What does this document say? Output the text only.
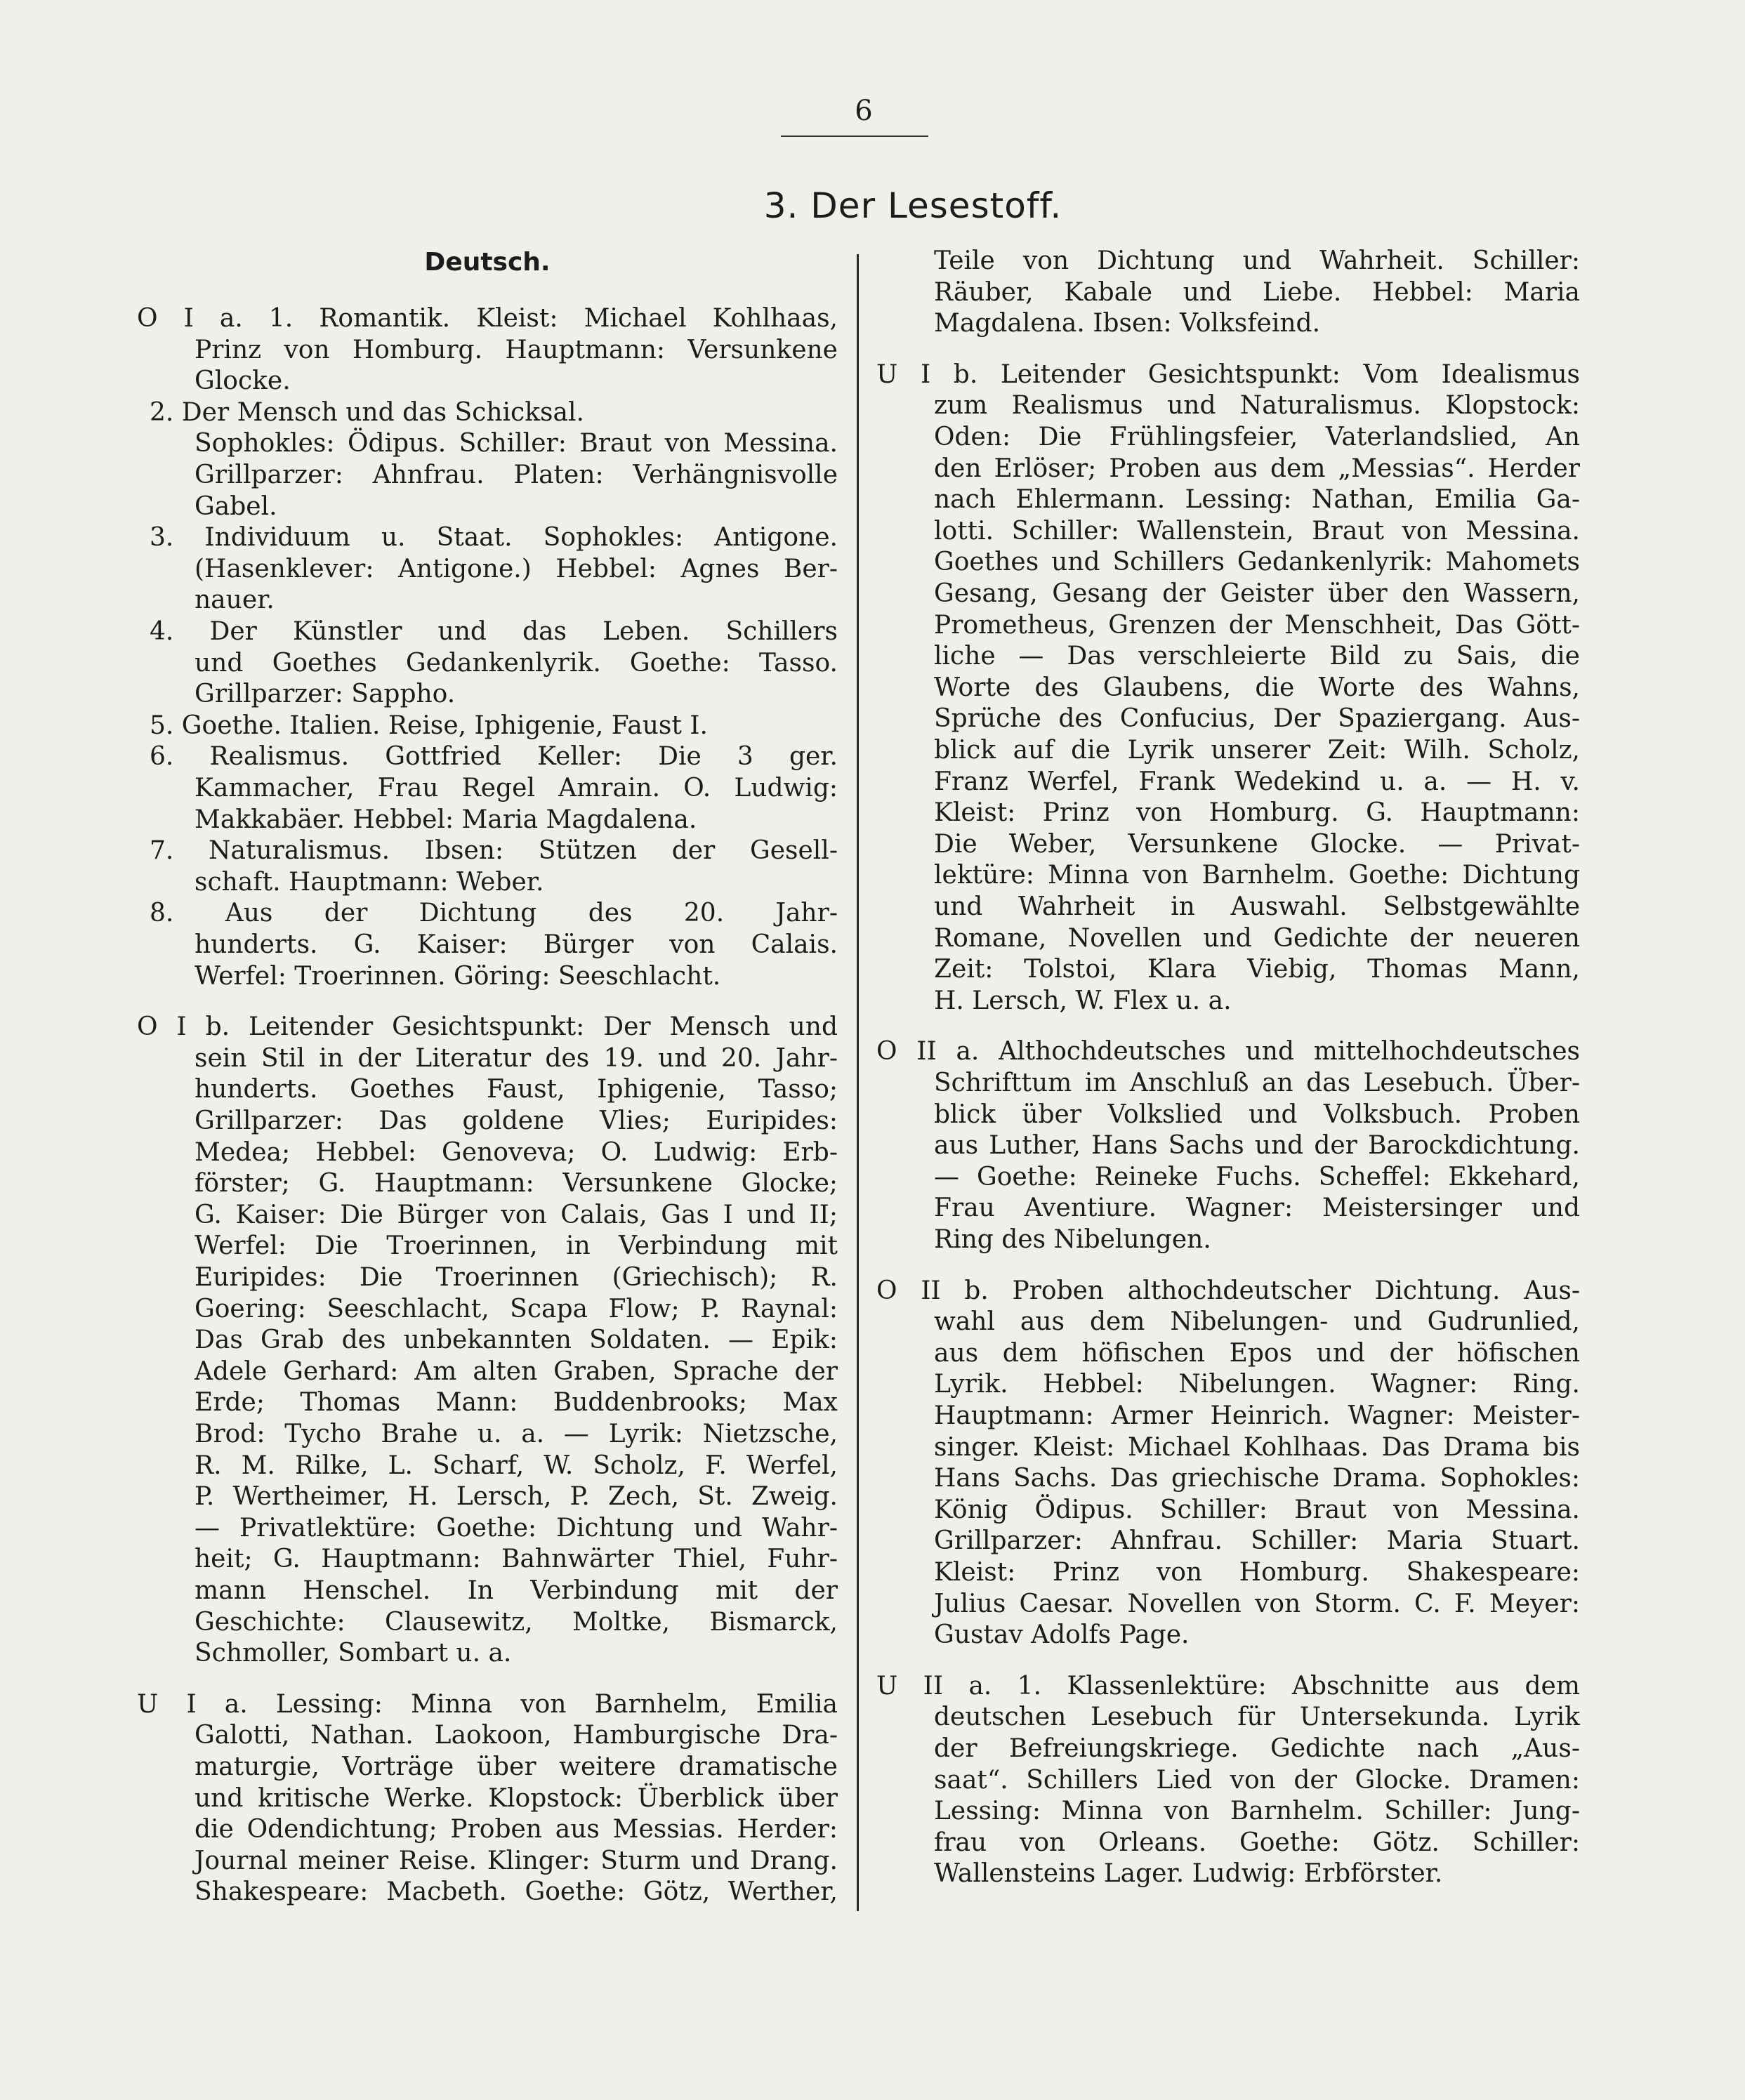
6
3. Der Lesestoff.
Deutsch.
O I a. 1. Romantik. Kleist: Michael Kohlhaas,
Prinz von Homburg. Hauptmann: Versunkene
Glocke.
2. Der Mensch und das Schicksal.
Sophokles: Ödipus. Schiller: Braut von Messina.
Grillparzer: Ahnfrau. Platen: Verhängnisvolle
Gabel.
3. Individuum u. Staat. Sophokles: Antigone.
(Hasenklever: Antigone.) Hebbel: Agnes Ber-
nauer.
4. Der Künstler und das Leben. Schillers
und Goethes Gedankenlyrik. Goethe: Tasso.
Grillparzer: Sappho.
5. Goethe. Italien. Reise, Iphigenie, Faust I.
6. Realismus. Gottfried Keller: Die 3 ger.
Kammacher, Frau Regel Amrain. O. Ludwig:
Makkabäer. Hebbel: Maria Magdalena.
7. Naturalismus. Ibsen: Stützen der Gesell-
schaft. Hauptmann: Weber.
8. Aus der Dichtung des 20. Jahr-
hunderts. G. Kaiser: Bürger von Calais.
Werfel: Troerinnen. Göring: Seeschlacht.
O I b. Leitender Gesichtspunkt: Der Mensch und
sein Stil in der Literatur des 19. und 20. Jahr-
hunderts. Goethes Faust, Iphigenie, Tasso;
Grillparzer: Das goldene Vlies; Euripides:
Medea; Hebbel: Genoveva; O. Ludwig: Erb-
förster; G. Hauptmann: Versunkene Glocke;
G. Kaiser: Die Bürger von Calais, Gas I und II;
Werfel: Die Troerinnen, in Verbindung mit
Euripides: Die Troerinnen (Griechisch); R.
Goering: Seeschlacht, Scapa Flow; P. Raynal:
Das Grab des unbekannten Soldaten. — Epik:
Adele Gerhard: Am alten Graben, Sprache der
Erde; Thomas Mann: Buddenbrooks; Max
Brod: Tycho Brahe u. a. — Lyrik: Nietzsche,
R. M. Rilke, L. Scharf, W. Scholz, F. Werfel,
P. Wertheimer, H. Lersch, P. Zech, St. Zweig.
— Privatlektüre: Goethe: Dichtung und Wahr-
heit; G. Hauptmann: Bahnwärter Thiel, Fuhr-
mann Henschel. In Verbindung mit der
Geschichte: Clausewitz, Moltke, Bismarck,
Schmoller, Sombart u. a.
U I a. Lessing: Minna von Barnhelm, Emilia
Galotti, Nathan. Laokoon, Hamburgische Dra-
maturgie, Vorträge über weitere dramatische
und kritische Werke. Klopstock: Überblick über
die Odendichtung; Proben aus Messias. Herder:
Journal meiner Reise. Klinger: Sturm und Drang.
Shakespeare: Macbeth. Goethe: Götz, Werther,
Teile von Dichtung und Wahrheit. Schiller:
Räuber, Kabale und Liebe. Hebbel: Maria
Magdalena. Ibsen: Volksfeind.
U I b. Leitender Gesichtspunkt: Vom Idealismus
zum Realismus und Naturalismus. Klopstock:
Oden: Die Frühlingsfeier, Vaterlandslied, An
den Erlöser; Proben aus dem „Messias“. Herder
nach Ehlermann. Lessing: Nathan, Emilia Ga-
lotti. Schiller: Wallenstein, Braut von Messina.
Goethes und Schillers Gedankenlyrik: Mahomets
Gesang, Gesang der Geister über den Wassern,
Prometheus, Grenzen der Menschheit, Das Gött-
liche — Das verschleierte Bild zu Sais, die
Worte des Glaubens, die Worte des Wahns,
Sprüche des Confucius, Der Spaziergang. Aus-
blick auf die Lyrik unserer Zeit: Wilh. Scholz,
Franz Werfel, Frank Wedekind u. a. — H. v.
Kleist: Prinz von Homburg. G. Hauptmann:
Die Weber, Versunkene Glocke. — Privat-
lektüre: Minna von Barnhelm. Goethe: Dichtung
und Wahrheit in Auswahl. Selbstgewählte
Romane, Novellen und Gedichte der neueren
Zeit: Tolstoi, Klara Viebig, Thomas Mann,
H. Lersch, W. Flex u. a.
O II a. Althochdeutsches und mittelhochdeutsches
Schrifttum im Anschluß an das Lesebuch. Über-
blick über Volkslied und Volksbuch. Proben
aus Luther, Hans Sachs und der Barockdichtung.
— Goethe: Reineke Fuchs. Scheffel: Ekkehard,
Frau Aventiure. Wagner: Meistersinger und
Ring des Nibelungen.
O II b. Proben althochdeutscher Dichtung. Aus-
wahl aus dem Nibelungen- und Gudrunlied,
aus dem höfischen Epos und der höfischen
Lyrik. Hebbel: Nibelungen. Wagner: Ring.
Hauptmann: Armer Heinrich. Wagner: Meister-
singer. Kleist: Michael Kohlhaas. Das Drama bis
Hans Sachs. Das griechische Drama. Sophokles:
König Ödipus. Schiller: Braut von Messina.
Grillparzer: Ahnfrau. Schiller: Maria Stuart.
Kleist: Prinz von Homburg. Shakespeare:
Julius Caesar. Novellen von Storm. C. F. Meyer:
Gustav Adolfs Page.
U II a. 1. Klassenlektüre: Abschnitte aus dem
deutschen Lesebuch für Untersekunda. Lyrik
der Befreiungskriege. Gedichte nach „Aus-
saat“. Schillers Lied von der Glocke. Dramen:
Lessing: Minna von Barnhelm. Schiller: Jung-
frau von Orleans. Goethe: Götz. Schiller:
Wallensteins Lager. Ludwig: Erbförster.
